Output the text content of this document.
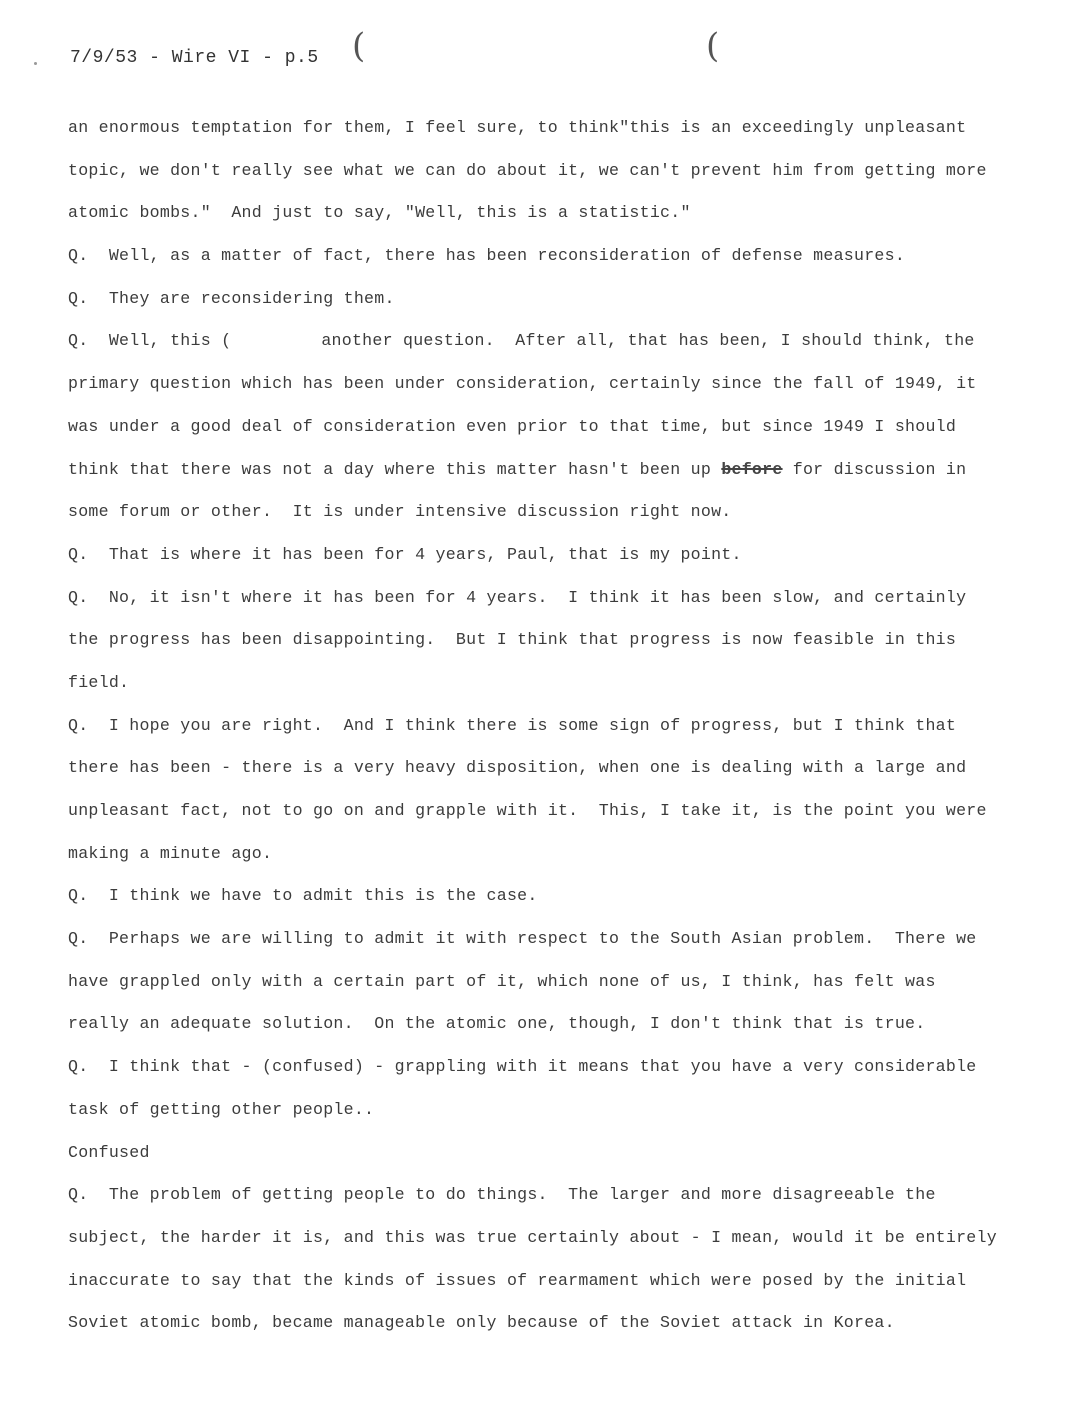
7/9/53 - Wire VI - p.5 (	(
an enormous temptation for them, I feel sure, to think"this is an exceedingly unpleasant
topic, we don't really see what we can do about it, we can't prevent him from getting more
atomic bombs."  And just to say, "Well, this is a statistic."
Q.  Well, as a matter of fact, there has been reconsideration of defense measures.
Q.  They are reconsidering them.
Q.  Well, this (	another question.  After all, that has been, I should think, the
primary question which has been under consideration, certainly since the fall of 1949, it
was under a good deal of consideration even prior to that time, but since 1949 I should
think that there was not a day where this matter hasn't been up before for discussion in
some forum or other.  It is under intensive discussion right now.
Q.  That is where it has been for 4 years, Paul, that is my point.
Q.  No, it isn't where it has been for 4 years.  I think it has been slow, and certainly
the progress has been disappointing.  But I think that progress is now feasible in this
field.
Q.  I hope you are right.  And I think there is some sign of progress, but I think that
there has been - there is a very heavy disposition, when one is dealing with a large and
unpleasant fact, not to go on and grapple with it.  This, I take it, is the point you were
making a minute ago.
Q.  I think we have to admit this is the case.
Q.  Perhaps we are willing to admit it with respect to the South Asian problem.  There we
have grappled only with a certain part of it, which none of us, I think, has felt was
really an adequate solution.  On the atomic one, though, I don't think that is true.
Q.  I think that - (confused) - grappling with it means that you have a very considerable
task of getting other people..
Confused
Q.  The problem of getting people to do things.  The larger and more disagreeable the
subject, the harder it is, and this was true certainly about - I mean, would it be entirely
inaccurate to say that the kinds of issues of rearmament which were posed by the initial
Soviet atomic bomb, became manageable only because of the Soviet attack in Korea.
